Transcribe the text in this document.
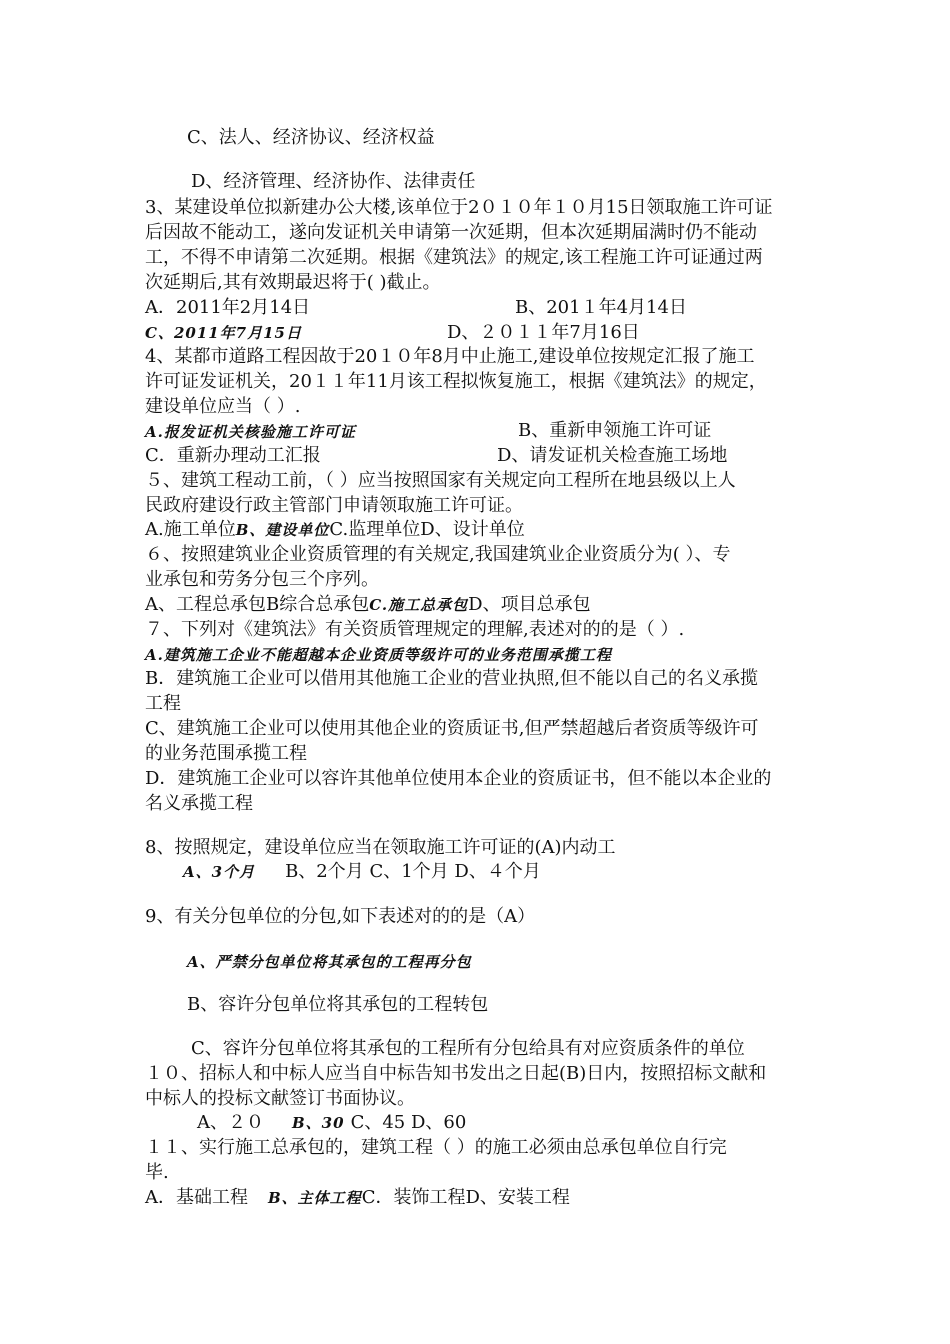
C、法人、经济协议、经济权益
D、经济管理、经济协作、法律责任
3、某建设单位拟新建办公大楼,该单位于2０１０年１０月15日领取施工许可证
后因故不能动工，遂向发证机关申请第一次延期，但本次延期届满时仍不能动
工，不得不申请第二次延期。根据《建筑法》的规定,该工程施工许可证通过两
次延期后,其有效期最迟将于( )截止。
A．2011年2月14日	B、201１年4月14日
C、2011年7月15日	D、２０１１年7月16日
4、某都市道路工程因故于20１０年8月中止施工,建设单位按规定汇报了施工
许可证发证机关，20１１年11月该工程拟恢复施工，根据《建筑法》的规定，
建设单位应当（ ）.
A.报发证机关核验施工许可证	B、重新申领施工许可证
C．重新办理动工汇报	D、请发证机关检查施工场地
５、建筑工程动工前，（ ）应当按照国家有关规定向工程所在地县级以上人
民政府建设行政主管部门申请领取施工许可证。
A.施工单位B、建设单位C.监理单位D、设计单位
６、按照建筑业企业资质管理的有关规定,我国建筑业企业资质分为( ）、专
业承包和劳务分包三个序列。
A、工程总承包B综合总承包C.施工总承包D、项目总承包
７、下列对《建筑法》有关资质管理规定的理解,表述对的的是（ ）.
A.建筑施工企业不能超越本企业资质等级许可的业务范围承揽工程
B．建筑施工企业可以借用其他施工企业的营业执照,但不能以自己的名义承揽
工程
C、建筑施工企业可以使用其他企业的资质证书,但严禁超越后者资质等级许可
的业务范围承揽工程
D．建筑施工企业可以容许其他单位使用本企业的资质证书，但不能以本企业的
名义承揽工程
8、按照规定，建设单位应当在领取施工许可证的(A)内动工
A、3个月 B、2个月 C、1个月 D、４个月
9、有关分包单位的分包,如下表述对的的是（A）
A、严禁分包单位将其承包的工程再分包
B、容许分包单位将其承包的工程转包
C、容许分包单位将其承包的工程所有分包给具有对应资质条件的单位
１０、招标人和中标人应当自中标告知书发出之日起(B)日内，按照招标文献和
中标人的投标文献签订书面协议。
A、２０ B、30 C、45 D、60
１１、实行施工总承包的，建筑工程（ ）的施工必须由总承包单位自行完
毕.
A．基础工程 B、主体工程C．装饰工程D、安装工程
